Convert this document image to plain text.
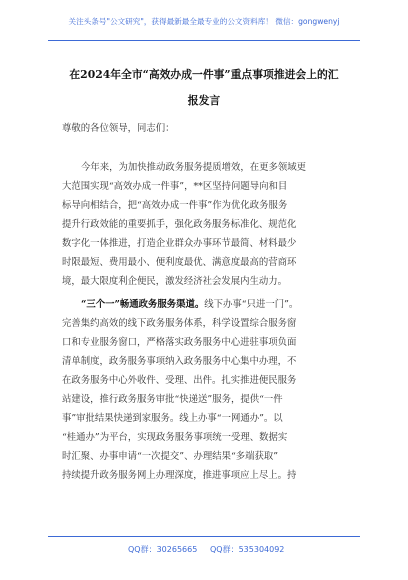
关注头条号"公文研究"，获得最新最全最专业的公文资料库！ 微信：gongwenyj
在2024年全市“高效办成一件事”重点事项推进会上的汇
报发言
尊敬的各位领导，同志们：
今年来，为加快推动政务服务提质增效，在更多领域更
大范围实现“高效办成一件事”，**区坚持问题导向和目
标导向相结合，把“高效办成一件事”作为优化政务服务
提升行政效能的重要抓手，强化政务服务标准化、规范化
数字化一体推进，打造企业群众办事环节最简、材料最少
时限最短、费用最小、便利度最优、满意度最高的营商环
境，最大限度利企便民，激发经济社会发展内生动力。
“三个一”畅通政务服务渠道。线下办事“只进一门”。
完善集约高效的线下政务服务体系，科学设置综合服务窗
口和专业服务窗口，严格落实政务服务中心进驻事项负面
清单制度，政务服务事项纳入政务服务中心集中办理，不
在政务服务中心外收件、受理、出件。扎实推进便民服务
站建设，推行政务服务审批“快递送”服务，提供“一件
事”审批结果快递到家服务。线上办事“一网通办”。以
“桂通办”为平台，实现政务服务事项统一受理、数据实
时汇聚、办事申请“一次提交”、办理结果“多端获取”
持续提升政务服务网上办理深度，推进事项应上尽上。持
QQ群：30265665 QQ群：535304092
